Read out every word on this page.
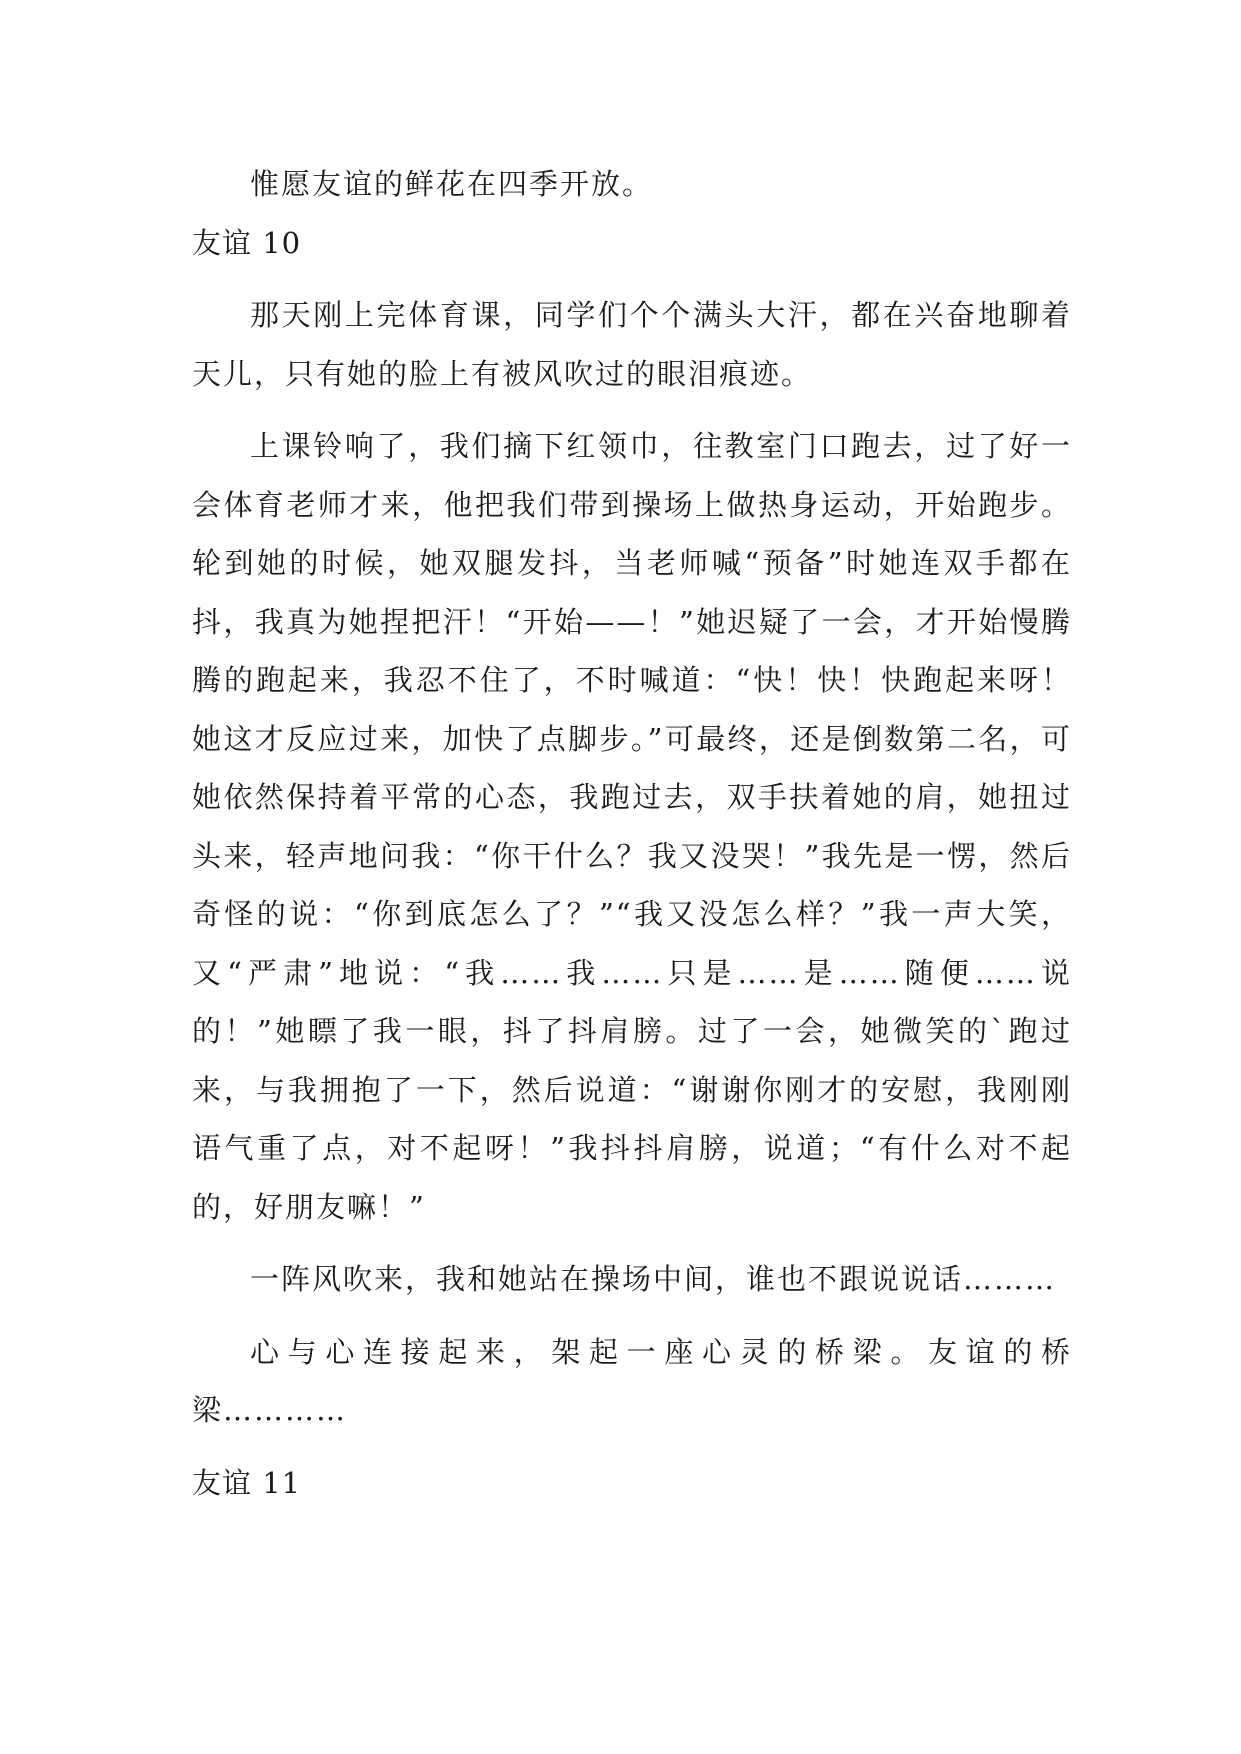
惟愿友谊的鲜花在四季开放。

友谊 10

那天刚上完体育课，同学们个个满头大汗，都在兴奋地聊着天儿，只有她的脸上有被风吹过的眼泪痕迹。

上课铃响了，我们摘下红领巾，往教室门口跑去，过了好一会体育老师才来，他把我们带到操场上做热身运动，开始跑步。轮到她的时候，她双腿发抖，当老师喊“预备”时她连双手都在抖，我真为她捏把汗！“开始——！”她迟疑了一会，才开始慢腾腾的跑起来，我忍不住了，不时喊道：“快！快！快跑起来呀！她这才反应过来，加快了点脚步。”可最终，还是倒数第二名，可她依然保持着平常的心态，我跑过去，双手扶着她的肩，她扭过头来，轻声地问我：“你干什么？我又没哭！”我先是一愣，然后奇怪的说：“你到底怎么了？”“我又没怎么样？”我一声大笑，又“严肃”地说：“我……我……只是……是……随便……说的！”她瞟了我一眼，抖了抖肩膀。过了一会，她微笑的`跑过来，与我拥抱了一下，然后说道：“谢谢你刚才的安慰，我刚刚语气重了点，对不起呀！”我抖抖肩膀，说道；“有什么对不起的，好朋友嘛！”

一阵风吹来，我和她站在操场中间，谁也不跟说说话………

心与心连接起来，架起一座心灵的桥梁。友谊的桥梁…………

友谊 11
